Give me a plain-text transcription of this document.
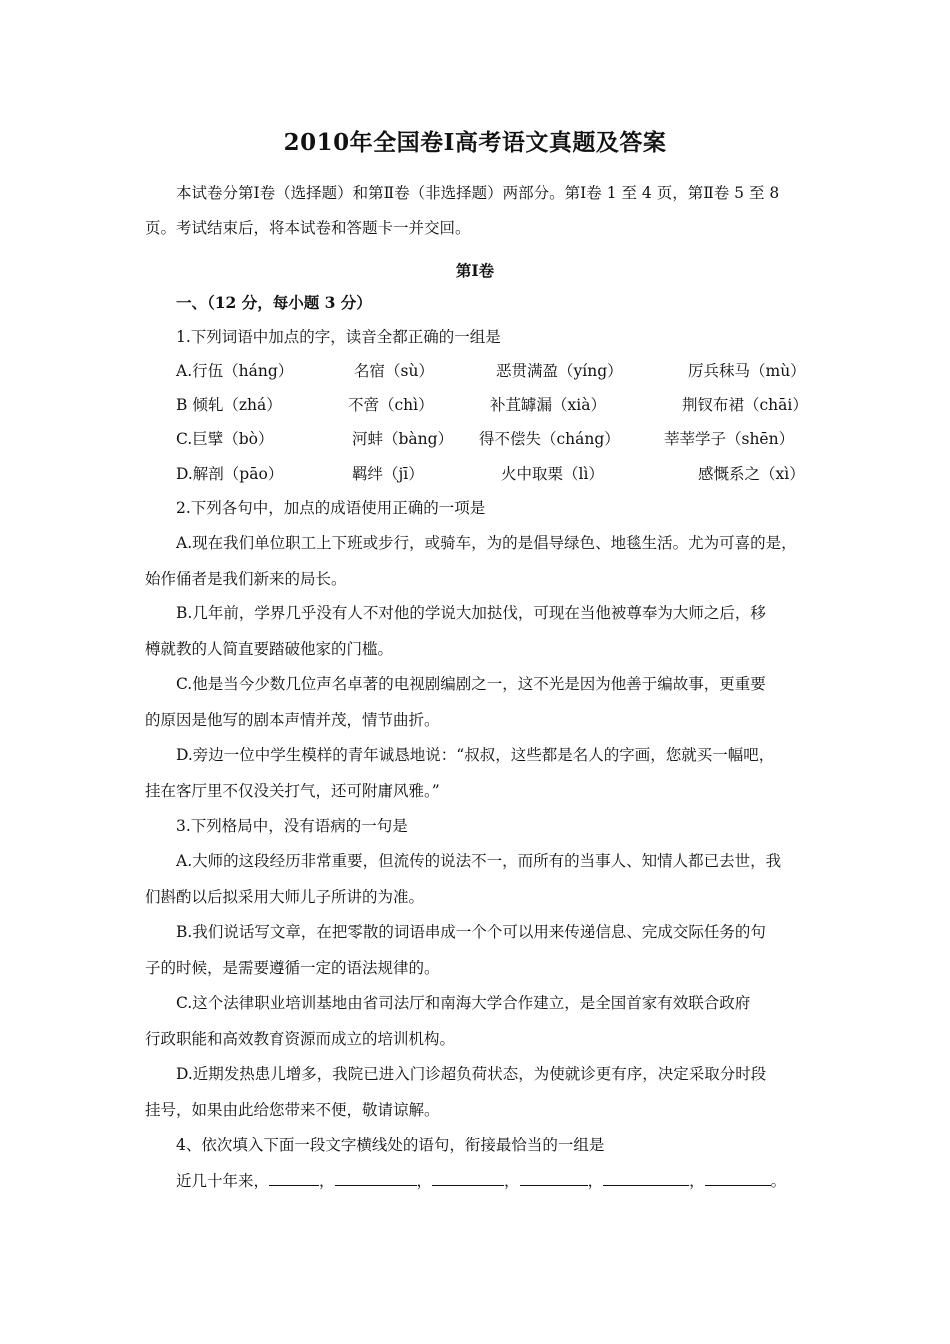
2010年全国卷Ⅰ高考语文真题及答案
本试卷分第Ⅰ卷（选择题）和第Ⅱ卷（非选择题）两部分。第Ⅰ卷 1 至 4 页，第Ⅱ卷 5 至 8
页。考试结束后，将本试卷和答题卡一并交回。
第Ⅰ卷
一、（12 分，每小题 3 分）
1.下列词语中加点的字，读音全都正确的一组是
A.行伍（háng）	名宿（sù）	恶贯满盈（yíng）	厉兵秣马（mù）
B 倾轧（zhá）	不啻（chì）	补苴罅漏（xià）	荆钗布裙（chāi）
C.巨擘（bò）	河蚌（bàng） 得不偿失（cháng）	莘莘学子（shēn）
D.解剖（pāo）	羁绊（jī）	火中取栗（lì）	感慨系之（xì）
2.下列各句中，加点的成语使用正确的一项是
A.现在我们单位职工上下班或步行，或骑车，为的是倡导绿色、地毯生活。尤为可喜的是，
始作俑者是我们新来的局长。
B.几年前，学界几乎没有人不对他的学说大加挞伐，可现在当他被尊奉为大师之后，移
樽就教的人简直要踏破他家的门槛。
C.他是当今少数几位声名卓著的电视剧编剧之一，这不光是因为他善于编故事，更重要
的原因是他写的剧本声情并茂，情节曲折。
D.旁边一位中学生模样的青年诚恳地说：“叔叔，这些都是名人的字画，您就买一幅吧，
挂在客厅里不仅没关打气，还可附庸风雅。”
3.下列格局中，没有语病的一句是
A.大师的这段经历非常重要，但流传的说法不一，而所有的当事人、知情人都已去世，我
们斟酌以后拟采用大师儿子所讲的为准。
B.我们说话写文章，在把零散的词语串成一个个可以用来传递信息、完成交际任务的句
子的时候，是需要遵循一定的语法规律的。
C.这个法律职业培训基地由省司法厅和南海大学合作建立，是全国首家有效联合政府
行政职能和高效教育资源而成立的培训机构。
D.近期发热患儿增多，我院已进入门诊超负荷状态，为使就诊更有序，决定采取分时段
挂号，如果由此给您带来不便，敬请谅解。
4、依次填入下面一段文字横线处的语句，衔接最恰当的一组是
近几十年来，	，	，	，	，	，	。
